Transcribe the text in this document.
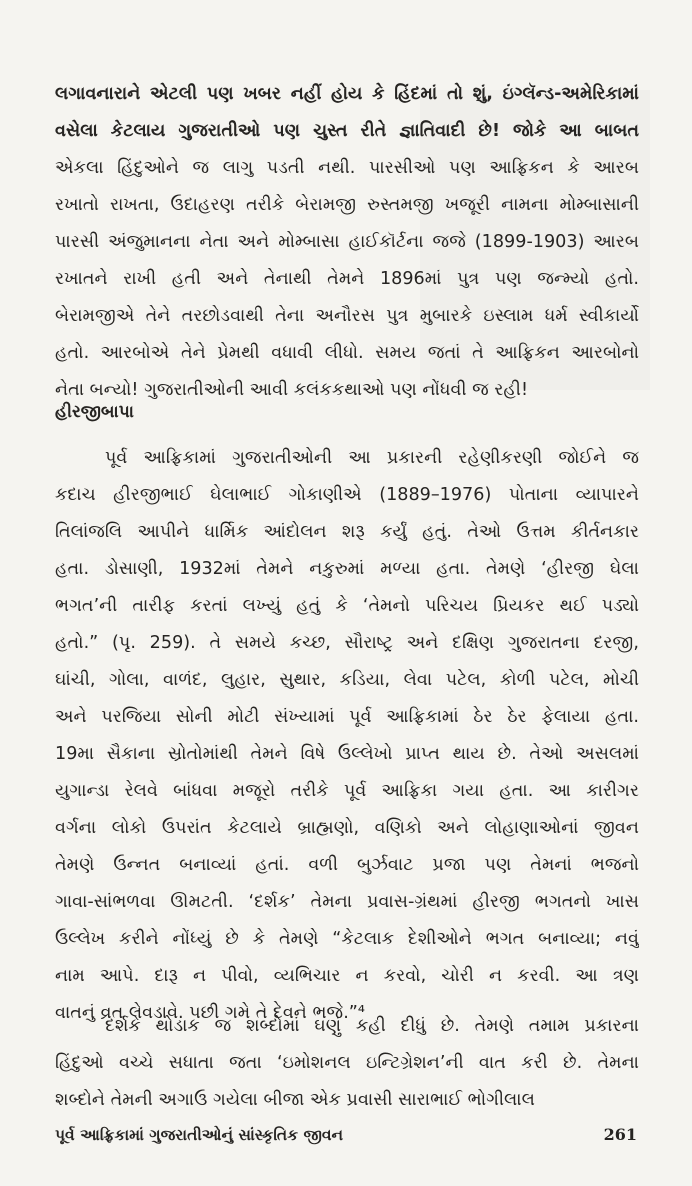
લગાવનારાને એટલી પણ ખબર નહીં હોય કે હિંદમાં તો શું, ઇંગ્લૅન્ડ-અમેરિકામાં
વસેલા કેટલાય ગુજરાતીઓ પણ ચુસ્ત રીતે જ્ઞાતિવાદી છે! જોકે આ બાબત
એકલા હિંદુઓને જ લાગુ પડતી નથી. પારસીઓ પણ આફ્રિકન કે આરબ
રખાતો રાખતા, ઉદાહરણ તરીકે બેરામજી રુસ્તમજી ખજૂરી નામના મોમ્બાસાની
પારસી અંજુમાનના નેતા અને મોમ્બાસા હાઈકૉર્ટના જજે (1899-1903) આરબ
રખાતને રાખી હતી અને તેનાથી તેમને 1896માં પુત્ર પણ જન્મ્યો હતો.
બેરામજીએ તેને તરછોડવાથી તેના અનૌરસ પુત્ર મુબારકે ઇસ્લામ ધર્મ સ્વીકાર્યો
હતો. આરબોએ તેને પ્રેમથી વધાવી લીધો. સમય જતાં તે આફ્રિકન આરબોનો
નેતા બન્યો! ગુજરાતીઓની આવી કલંકકથાઓ પણ નોંધવી જ રહી!
હીરજીબાપા
પૂર્વ આફ્રિકામાં ગુજરાતીઓની આ પ્રકારની રહેણીકરણી જોઈને જ
કદાચ હીરજીભાઈ ઘેલાભાઈ ગોકાણીએ (1889–1976) પોતાના વ્યાપારને
તિલાંજલિ આપીને ધાર્મિક આંદોલન શરૂ કર્યું હતું. તેઓ ઉત્તમ કીર્તનકાર
હતા. ડોસાણી, 1932માં તેમને નકુરુમાં મળ્યા હતા. તેમણે ‘હીરજી ઘેલા
ભગત’ની તારીફ કરતાં લખ્યું હતું કે ‘તેમનો પરિચય પ્રિયકર થઈ પડ્યો
હતો.” (પૃ. 259). તે સમયે કચ્છ, સૌરાષ્ટ્ર અને દક્ષિણ ગુજરાતના દરજી,
ઘાંચી, ગોલા, વાળંદ, લુહાર, સુથાર, કડિયા, લેવા પટેલ, કોળી પટેલ, મોચી
અને પરજિયા સોની મોટી સંખ્યામાં પૂર્વ આફ્રિકામાં ઠેર ઠેર ફેલાયા હતા.
19મા સૈકાના સ્રોતોમાંથી તેમને વિષે ઉલ્લેખો પ્રાપ્ત થાય છે. તેઓ અસલમાં
યુગાન્ડા રેલવે બાંધવા મજૂરો તરીકે પૂર્વ આફ્રિકા ગયા હતા. આ કારીગર
વર્ગના લોકો ઉપરાંત કેટલાયે બ્રાહ્મણો, વણિકો અને લોહાણાઓનાં જીવન
તેમણે ઉન્નત બનાવ્યાં હતાં. વળી બુર્ઝવાટ પ્રજા પણ તેમનાં ભજનો
ગાવા-સાંભળવા ઊમટતી. ‘દર્શક’ તેમના પ્રવાસ-ગ્રંથમાં હીરજી ભગતનો ખાસ
ઉલ્લેખ કરીને નોંધ્યું છે કે તેમણે “કેટલાક દેશીઓને ભગત બનાવ્યા; નવું
નામ આપે. દારૂ ન પીવો, વ્યભિચાર ન કરવો, ચોરી ન કરવી. આ ત્રણ
વાતનું વ્રત લેવડાવે. પછી ગમે તે દેવને ભજે.”⁴
દર્શકે થોડાક જ શબ્દોમાં ઘણું કહી દીધું છે. તેમણે તમામ પ્રકારના
હિંદુઓ વચ્ચે સધાતા જતા ‘ઇમોશનલ ઇન્ટિગ્રેશન’ની વાત કરી છે. તેમના
શબ્દોને તેમની અગાઉ ગયેલા બીજા એક પ્રવાસી સારાભાઈ ભોગીલાલ
પૂર્વ આફ્રિકામાં ગુજરાતીઓનું સાંસ્કૃતિક જીવન	261
